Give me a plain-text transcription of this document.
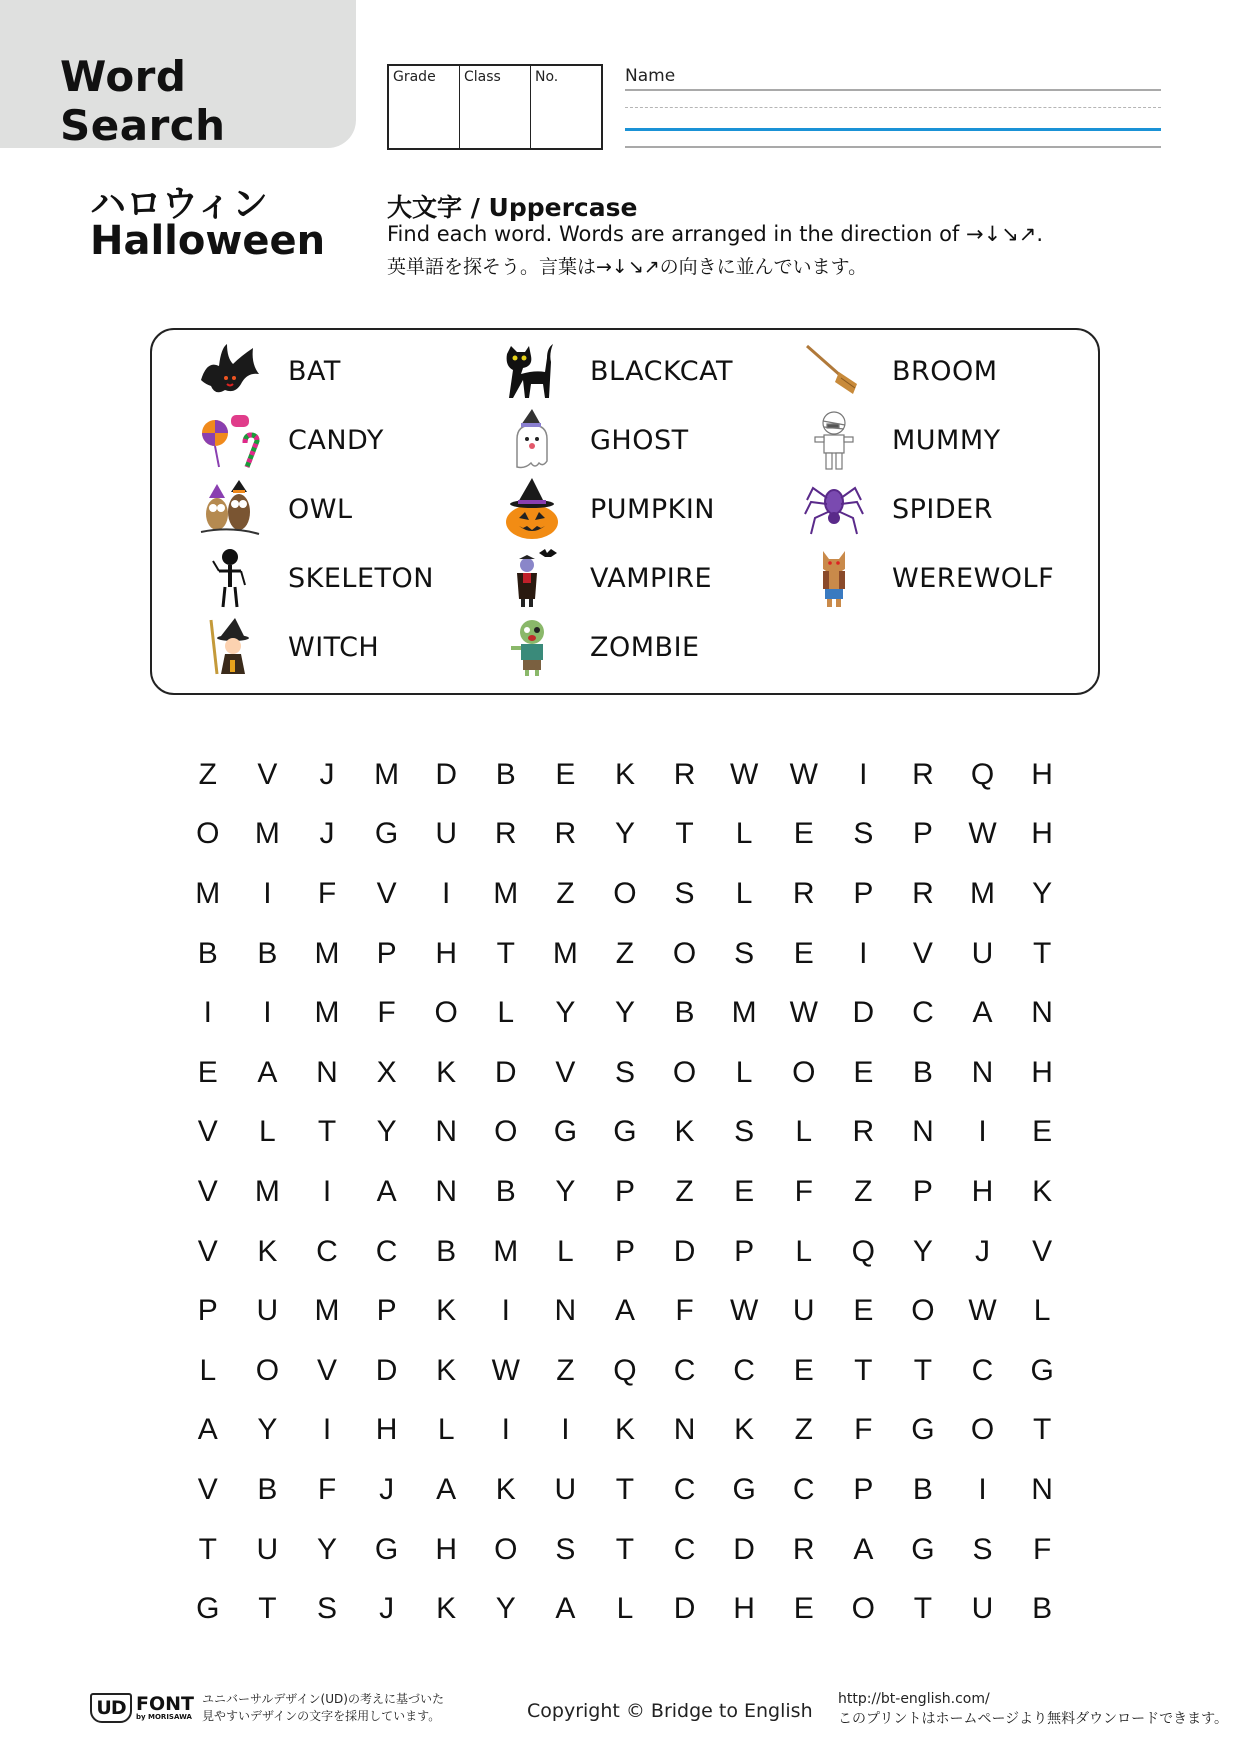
Word Search
Grade	Class	No.	Name
ハロウィン
Halloween
大文字 / Uppercase
Find each word. Words are arranged in the direction of →↓↘↗.
英単語を探そう。言葉は→↓↘↗の向きに並んでいます。
BAT
CANDY
OWL
SKELETON
WITCH
BLACKCAT
GHOST
PUMPKIN
VAMPIRE
ZOMBIE
BROOM
MUMMY
SPIDER
WEREWOLF
Z	V	J	M	D	B	E	K	R	W	W	I	R	Q	H
O	M	J	G	U	R	R	Y	T	L	E	S	P	W	H
M	I	F	V	I	M	Z	O	S	L	R	P	R	M	Y
B	B	M	P	H	T	M	Z	O	S	E	I	V	U	T
I	I	M	F	O	L	Y	Y	B	M	W	D	C	A	N
E	A	N	X	K	D	V	S	O	L	O	E	B	N	H
V	L	T	Y	N	O	G	G	K	S	L	R	N	I	E
V	M	I	A	N	B	Y	P	Z	E	F	Z	P	H	K
V	K	C	C	B	M	L	P	D	P	L	Q	Y	J	V
P	U	M	P	K	I	N	A	F	W	U	E	O	W	L
L	O	V	D	K	W	Z	Q	C	C	E	T	T	C	G
A	Y	I	H	L	I	I	K	N	K	Z	F	G	O	T
V	B	F	J	A	K	U	T	C	G	C	P	B	I	N
T	U	Y	G	H	O	S	T	C	D	R	A	G	S	F
G	T	S	J	K	Y	A	L	D	H	E	O	T	U	B
UD FONT
by MORISAWA
ユニバーサルデザイン(UD)の考えに基づいた
見やすいデザインの文字を採用しています。	Copyright © Bridge to English
http://bt-english.com/
このプリントはホームページより無料ダウンロードできます。
